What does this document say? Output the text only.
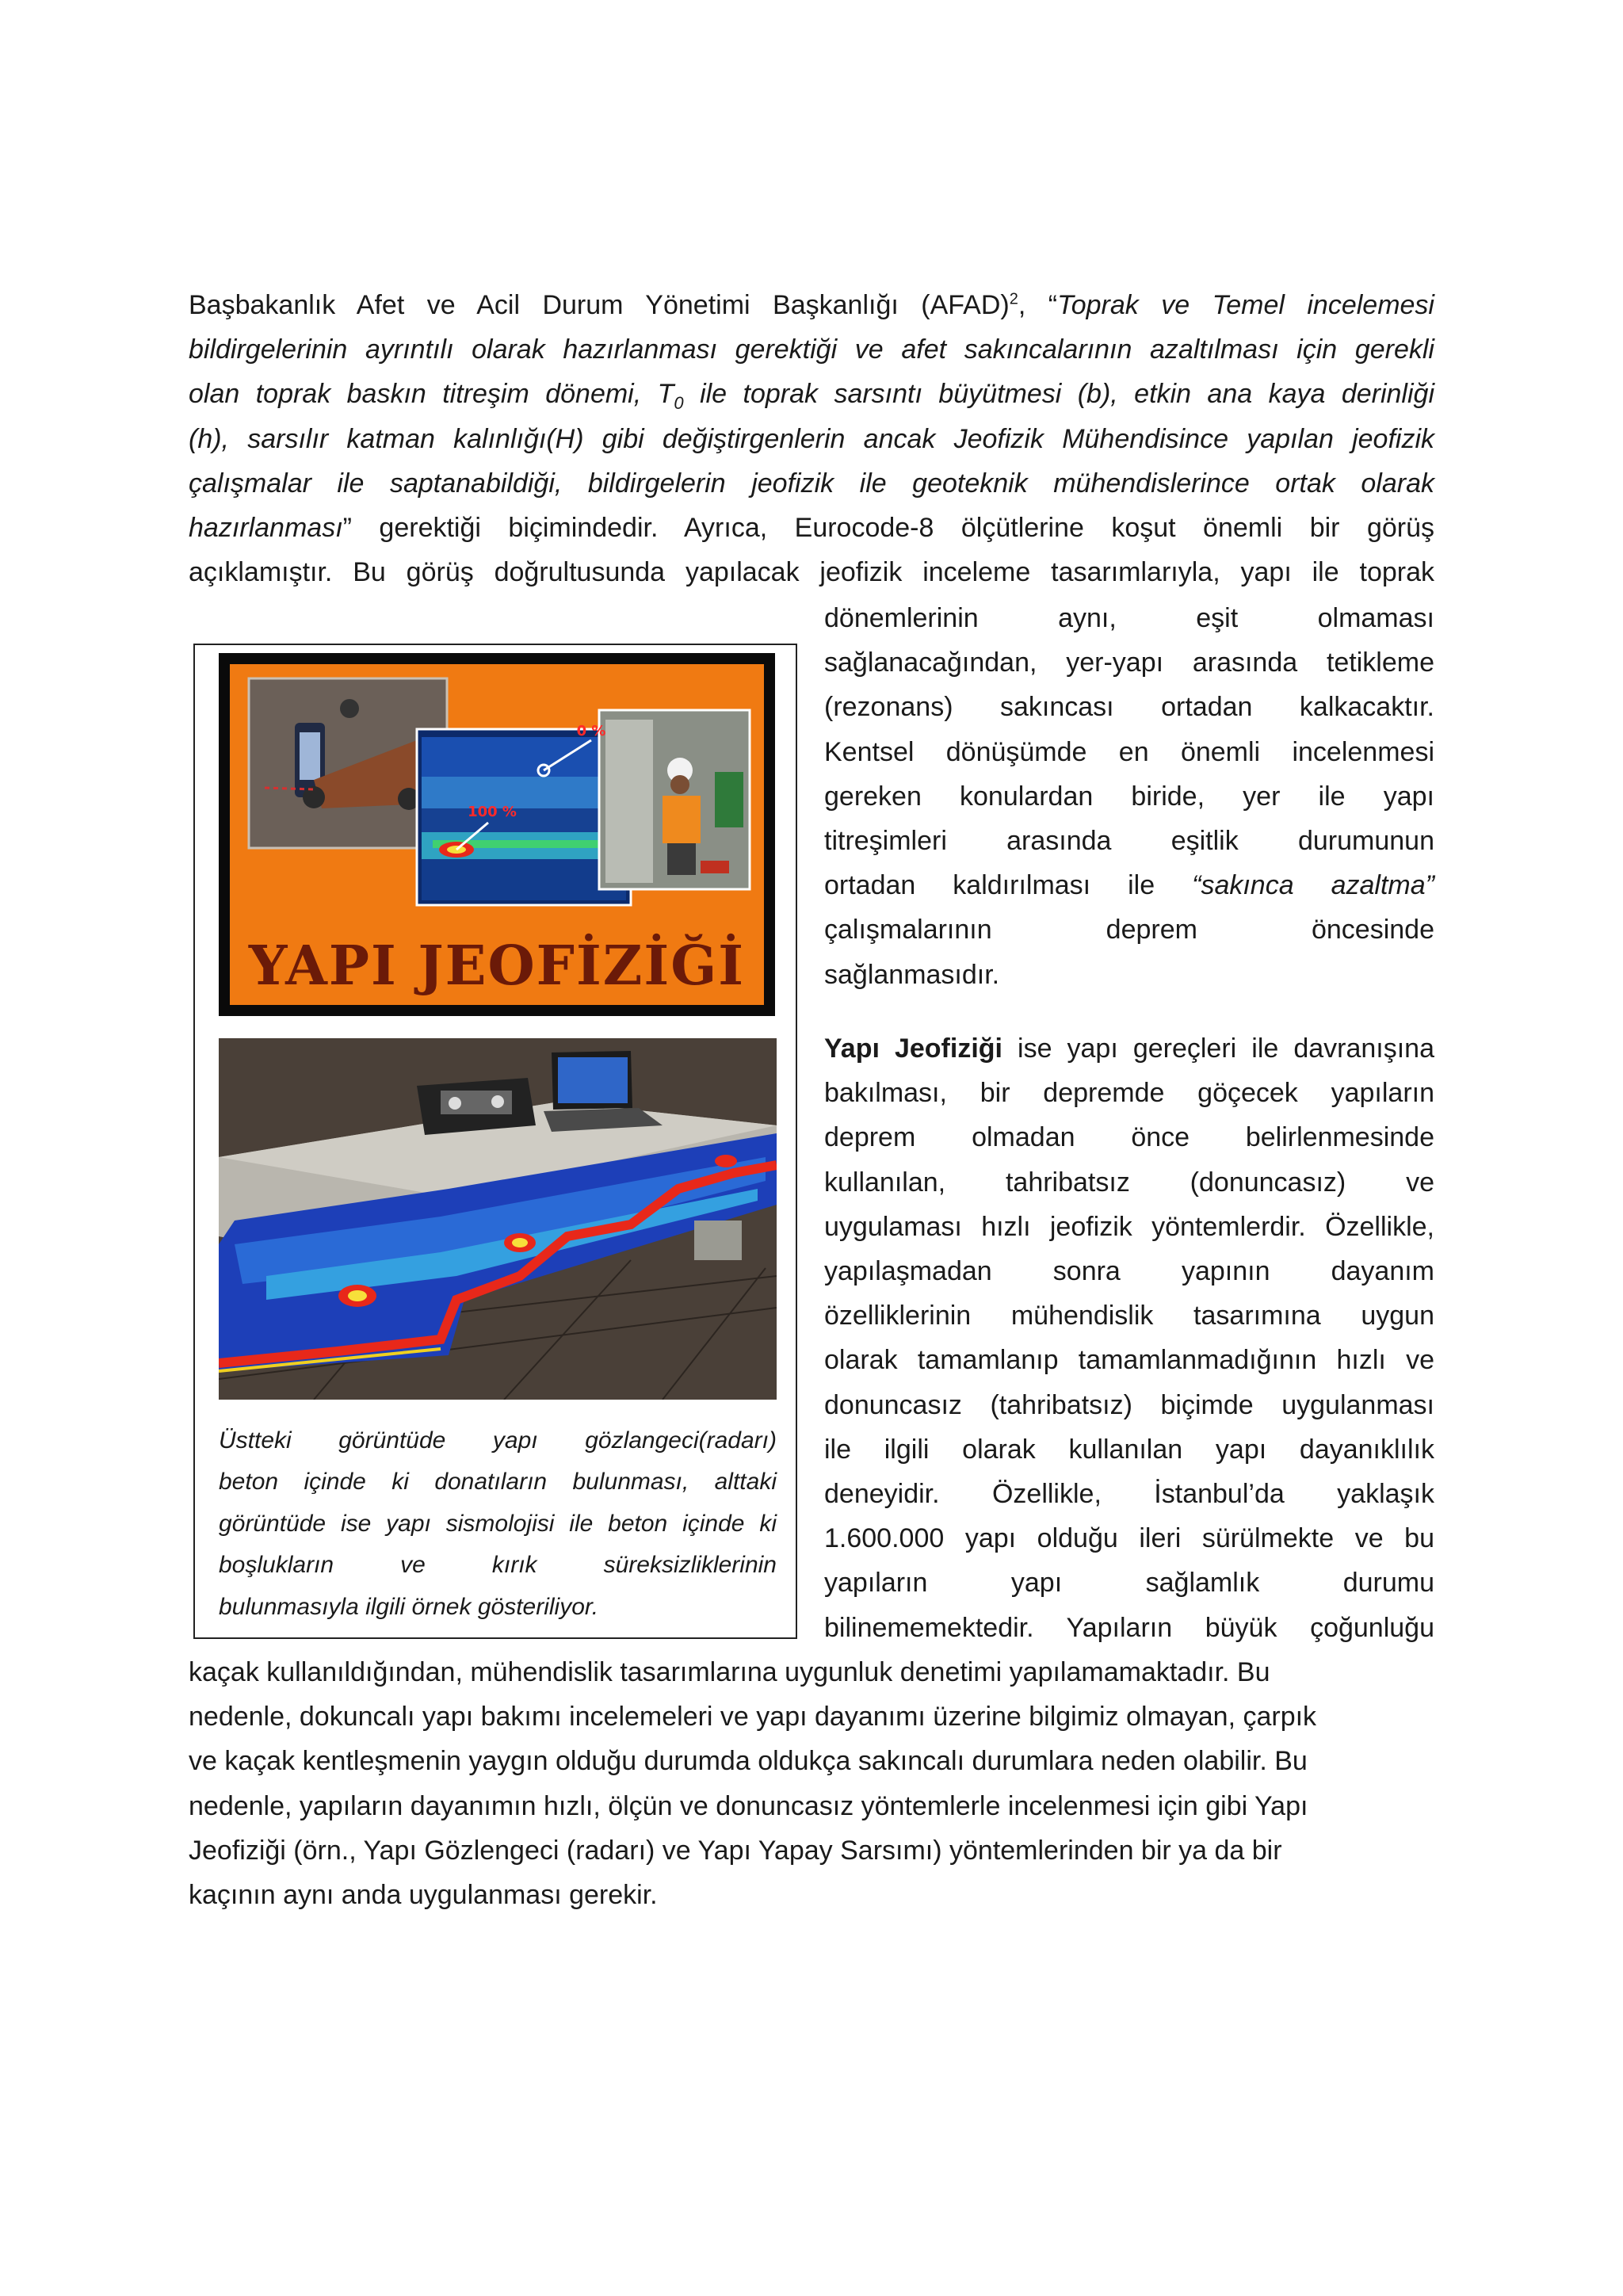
Başbakanlık Afet ve Acil Durum Yönetimi Başkanlığı (AFAD)$^2$, “Toprak ve Temel incelemesi
bildirgelerinin ayrıntılı olarak hazırlanması gerektiği ve afet sakıncalarının azaltılması için gerekli
olan toprak baskın titreşim dönemi, $T_0$ ile toprak sarsıntı büyütmesi (b), etkin ana kaya derinliği
(h), sarsılır katman kalınlığı(H) gibi değiştirgenlerin ancak Jeofizik Mühendisince yapılan jeofizik
çalışmalar ile saptanabildiği, bildirgelerin jeofizik ile geoteknik mühendislerince ortak olarak
hazırlanması” gerektiği biçimindedir. Ayrıca, Eurocode-8 ölçütlerine koşut önemli bir görüş
açıklamıştır. Bu görüş doğrultusunda yapılacak jeofizik inceleme tasarımlarıyla, yapı ile toprak
dönemlerinin aynı, eşit olmaması
sağlanacağından, yer-yapı arasında tetikleme
(rezonans) sakıncası ortadan kalkacaktır.
Kentsel dönüşümde en önemli incelenmesi
gereken konulardan biride, yer ile yapı
titreşimleri arasında eşitlik durumunun
ortadan kaldırılması ile “sakınca azaltma”
çalışmalarının deprem öncesinde
sağlanmasıdır.
Yapı Jeofiziği ise yapı gereçleri ile davranışına
bakılması, bir depremde göçecek yapıların
deprem olmadan önce belirlenmesinde
kullanılan, tahribatsız (donuncasız) ve
uygulaması hızlı jeofizik yöntemlerdir. Özellikle,
yapılaşmadan sonra yapının dayanım
özelliklerinin mühendislik tasarımına uygun
olarak tamamlanıp tamamlanmadığının hızlı ve
donuncasız (tahribatsız) biçimde uygulanması
ile ilgili olarak kullanılan yapı dayanıklılık
deneyidir. Özellikle, İstanbul’da yaklaşık
1.600.000 yapı olduğu ileri sürülmekte ve bu
yapıların yapı sağlamlık durumu
bilinememektedir. Yapıların büyük çoğunluğu
kaçak kullanıldığından, mühendislik tasarımlarına uygunluk denetimi yapılamamaktadır. Bu
nedenle, dokuncalı yapı bakımı incelemeleri ve yapı dayanımı üzerine bilgimiz olmayan, çarpık
ve kaçak kentleşmenin yaygın olduğu durumda oldukça sakıncalı durumlara neden olabilir. Bu
nedenle, yapıların dayanımın hızlı, ölçün ve donuncasız yöntemlerle incelenmesi için gibi Yapı
Jeofiziği (örn., Yapı Gözlengeci (radarı) ve Yapı Yapay Sarsımı) yöntemlerinden bir ya da bir
kaçının aynı anda uygulanması gerekir.
YAPI JEOFİZİĞİ
0 %
100 %
Üstteki görüntüde yapı gözlangeci(radarı)
beton içinde ki donatıların bulunması, alttaki
görüntüde ise yapı sismolojisi ile beton içinde ki
boşlukların ve kırık süreksizliklerinin
bulunmasıyla ilgili örnek gösteriliyor.
